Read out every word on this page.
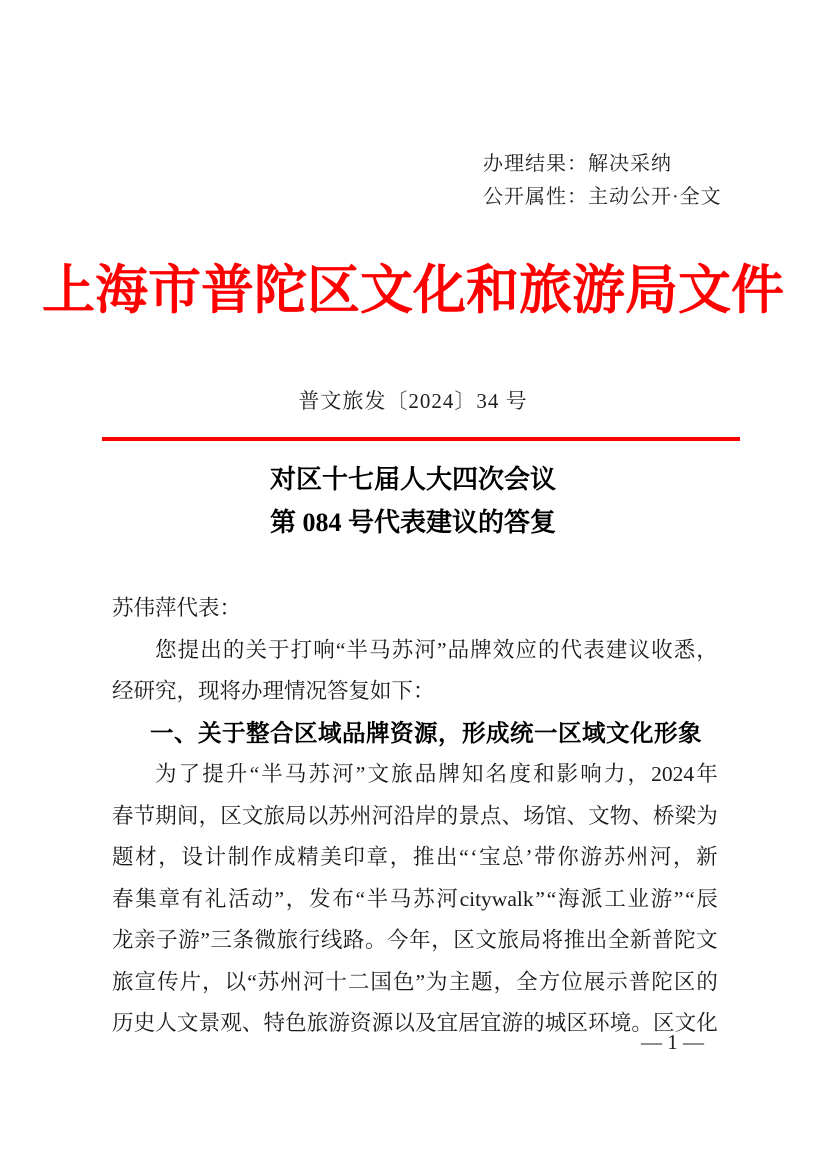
办理结果：解决采纳
公开属性：主动公开·全文
上海市普陀区文化和旅游局文件
普文旅发〔2024〕34 号
对区十七届人大四次会议
第 084 号代表建议的答复
苏伟萍代表：
您 提 出 的 关 于 打 响 “ 半 马 苏 河 ” 品 牌 效 应 的 代 表 建 议 收 悉 ，
经研究，现将办理情况答复如下：
一、关于整合区域品牌资源，形成统一区域文化形象
为 了 提 升 “ 半 马 苏 河 ” 文 旅 品 牌 知 名 度 和 影 响 力 ， 2024 年
春 节 期 间 ， 区 文 旅 局 以 苏 州 河 沿 岸 的 景 点 、 场 馆 、 文 物 、 桥 梁 为
题 材 ， 设 计 制 作 成 精 美 印 章 ， 推 出 “ ‘ 宝 总 ’ 带 你 游 苏 州 河 ， 新
春 集 章 有 礼 活 动 ” ， 发 布 “ 半 马 苏 河 citywalk ” “ 海 派 工 业 游 ” “ 辰
龙 亲 子 游 ” 三 条 微 旅 行 线 路 。 今 年 ， 区 文 旅 局 将 推 出 全 新 普 陀 文
旅 宣 传 片 ， 以 “ 苏 州 河 十 二 国 色 ” 为 主 题 ， 全 方 位 展 示 普 陀 区 的
历 史 人 文 景 观 、 特 色 旅 游 资 源 以 及 宜 居 宜 游 的 城 区 环 境 。 区 文 化
— 1 —
